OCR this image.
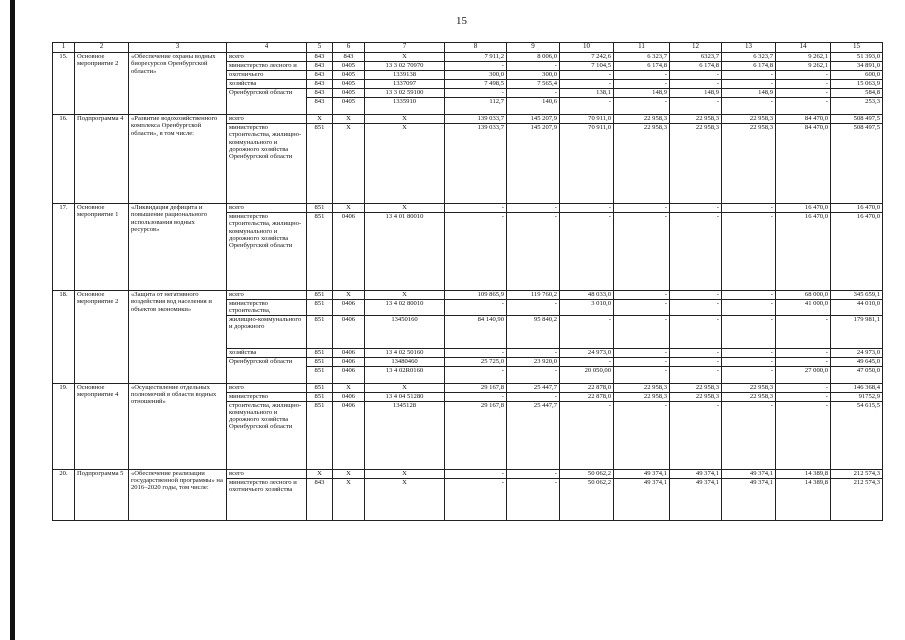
15
1	2	3	4	5	6	7	8	9	10	11	12	13	14	15
15.	Основное мероприятие 2	«Обеспечение охраны водных биоресурсов Оренбургской области»	всего	843	843	X	7 911,2	8 006,0	7 242,6	6 323,7	6323,7	6 323,7	9 262,1	51 393,0
			министерство лесного и	843	0405	13 3 02 70970	-	-	7 104,5	6 174,8	6 174,8	6 174,8	9 262,1	34 891,0
			охотничьего	843	0405	1339138	300,0	300,0	-	-	-	-	-	600,0
			хозяйства	843	0405	1337097	7 498,5	7 565,4	-	-	-	-	-	15 063,9
			Оренбургской области	843	0405	13 3 02 59100	-	-	138,1	148,9	148,9	148,9	-	584,8
				843	0405	1335910	112,7	140,6	-	-	-	-	-	253,3
16.	Подпрограмма 4	«Развитие водохозяйственного комплекса Оренбургской области», в том числе:	всего	X	X	X	139 033,7	145 207,9	70 911,0	22 958,3	22 958,3	22 958,3	84 470,0	508 497,5
			министерство строительства, жилищно-коммунального и дорожного хозяйства Оренбургской области	851	X	X	139 033,7	145 207,9	70 911,0	22 958,3	22 958,3	22 958,3	84 470,0	508 497,5
17.	Основное мероприятие 1	«Ликвидация дефицита и повышение рационального использования водных ресурсов»	всего	851	X	X	-	-	-	-	-	-	16 470,0	16 470,0
			министерство строительства, жилищно-коммунального и дорожного хозяйства Оренбургской области	851	0406	13 4 01 80010	-	-	-	-	-	-	16 470,0	16 470,0
18.	Основное мероприятие 2	«Защита от негативного воздействия вод населения и объектов экономики»	всего	851	X	X	109 865,9	119 760,2	48 033,0	-	-	-	68 000,0	345 659,1
			министерство строительства,	851	0406	13 4 02 80010	-	-	3 010,0	-	-	-	41 000,0	44 010,0
			жилищно-коммунального и дорожного	851	0406	13450160	84 140,90	95 840,2	-	-	-	-	-	179 981,1
			хозяйства	851	0406	13 4 02 50160	-	-	24 973,0	-	-	-	-	24 973,0
			Оренбургской области	851	0406	13480460	25 725,0	23 920,0	-	-	-	-	-	49 645,0
				851	0406	13 4 02R0160	-	-	20 050,00	-	-	-	27 000,0	47 050,0
19.	Основное мероприятие 4	«Осуществление отдельных полномочий в области водных отношений»	всего	851	X	X	29 167,8	25 447,7	22 878,0	22 958,3	22 958,3	22 958,3	-	146 368,4
			министерство	851	0406	13 4 04 51280	-	-	22 878,0	22 958,3	22 958,3	22 958,3	-	91752,9
			строительства, жилищно-коммунального и дорожного хозяйства Оренбургской области	851	0406	1345128	29 167,8	25 447,7	-	-	-	-	-	54 615,5
20.	Подпрограмма 5	«Обеспечение реализации государственной программы» на 2016–2020 годы, том числе:	всего	X	X	X	-	-	50 062,2	49 374,1	49 374,1	49 374,1	14 389,8	212 574,3
			министерство лесного и охотничьего хозяйства	843	X	X	-	-	50 062,2	49 374,1	49 374,1	49 374,1	14 389,8	212 574,3
